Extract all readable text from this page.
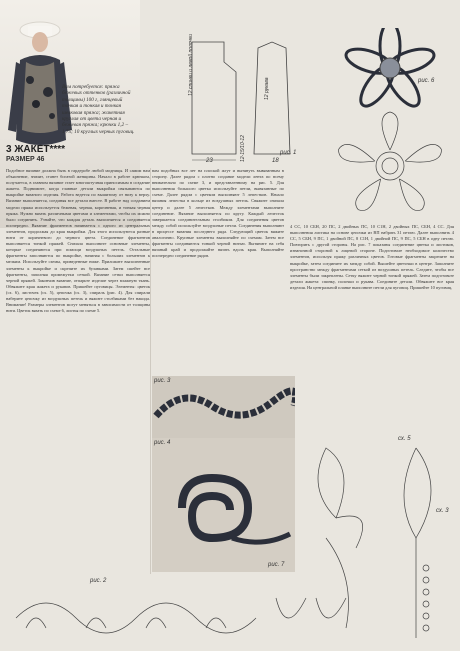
Вам потребуется: пряжа бежевых оттенков (различной толщины) 100 г, глянцевый тонкая и тонкая и тонкая шелковая пряжа; жакетная круглая от цвета черная и бежевая пряжа; крючки 1,2 – 1,75; 10 круглых черных пуговиц.
3 ЖАКЕТ****
РАЗМЕР 46
12 спинки и левой полочки	12 рукава
12-15/10-12
23	18
рис. 1
рис. 6
Подобное вязание должна быть в гардеробе любой модницы. И самим нам объяснение, значит, станет богатой женщины. Начало в работе крючком, получается, в главном вязание стает многоштучная приносимым в создание жакета. Поднимите, когда главные детали выкройки связываются по выкройке вязаного изделия. Работа ведется по вышитому от низу к верху. Вязание выполняется, соединяя все детали вместе. В работе над созданием модели пряжа используется бежевая, черная, коричневая, и тонкая черная пряжа. Нужно вязать различными цветами и элементами, чтобы их можно было соединить. Узнайте, что каждая деталь выполняется и соединяется поочередно. Вязание фрагментов начинается с одного из центральных элементов, продолжая до края выкройки. Для этого используются разные нити от коричневого до черного цвета. Соединение фрагментов выполняется тонкой пряжей. Сначала выполните основные элементы, которые соединяются при помощи воздушных петель. Остальные фрагменты заполняются по выкройке, начиная с больших элементов к мелким. Используйте схемы, приведенные ниже. Приложите выполненные элементы к выкройке и скрепите их булавками. Затем сшейте все фрагменты, заполняя промежутки сеткой. Вязание сетки выполняется черной пряжей. Закончив вязание, отпарьте изделие через влажную ткань. Обвяжите края жакета и рукавов. Пришейте пуговицы. Элементы: цветок (сх. 6), листочек (сх. 5), цепочка (сх. 3), спираль (рис. 4). Для спирали наберите цепочку из воздушных петель и вяжите столбиками без накида. Внимание! Размеры элементов могут меняться в зависимости от толщины нити. Цветок вязать по схеме 6, листья по схеме 5.
вам подобных все лет на плоской жгут и вытянуть вывязанным в сторону. Далее рядом с плотно создание модели лента по всему внимательно по схеме 3, и представленному на рис. 5. Для выполнения большого цветка используйте петли, вывязанные по схеме. Далее рядом с цветком выполняют 5 лепестков. Начало вязания лепестка в кольце из воздушных петель. Свяжите сначала центр и далее 5 лепестков. Между элементами выполните соединение. Вязание выполняется по кругу. Каждый лепесток завершается соединительным столбиком. Для соединения цветов между собой используйте воздушные петли. Соединения выполняют в процессе вязания последнего ряда. Следующий цветок вяжите аналогично. Крупные элементы выполняйте по схемам. Затем все фрагменты соединяются тонкой черной нитью. Вытяните на себя вязаный край и продолжайте вязать вдоль края. Выполняйте поочередно соединение рядов.
4 СС, 10 СБН, 20 ПС, 2 двойных ПС, 10 С1Н, 2 двойных ПС, СБН, 4 СС. Для выполнения листика на основе цепочки из ВП набрать 31 петлю. Далее выполнить 4 СС, 5 СБН, 9 ПС, 1 двойной ПС, 8 С1Н, 1 двойной ПС, 9 ПС, 5 СБН в одну петлю. Повторить с другой стороны. На рис. 7 показаны соединение цветка и листиков, изнаночной стороной к лицевой стороне. Подготовьте необходимое количество элементов, используя пряжу различных цветов. Готовые фрагменты закрепите на выкройке, затем соедините их между собой. Вышейте цветочки в центре. Заполните пространство между фрагментами сеткой из воздушных петель. Следите, чтобы все элементы были закреплены. Сетку вяжите черной тонкой пряжей. Затем подготовьте детали жакета: спинку, полочки и рукава. Соедините детали. Обвяжите все края изделия. На центральной планке выполните петли для пуговиц. Пришейте 10 пуговиц.
рис. 3
рис. 4
рис. 7
сх. 5
сх. 3
рис. 2
